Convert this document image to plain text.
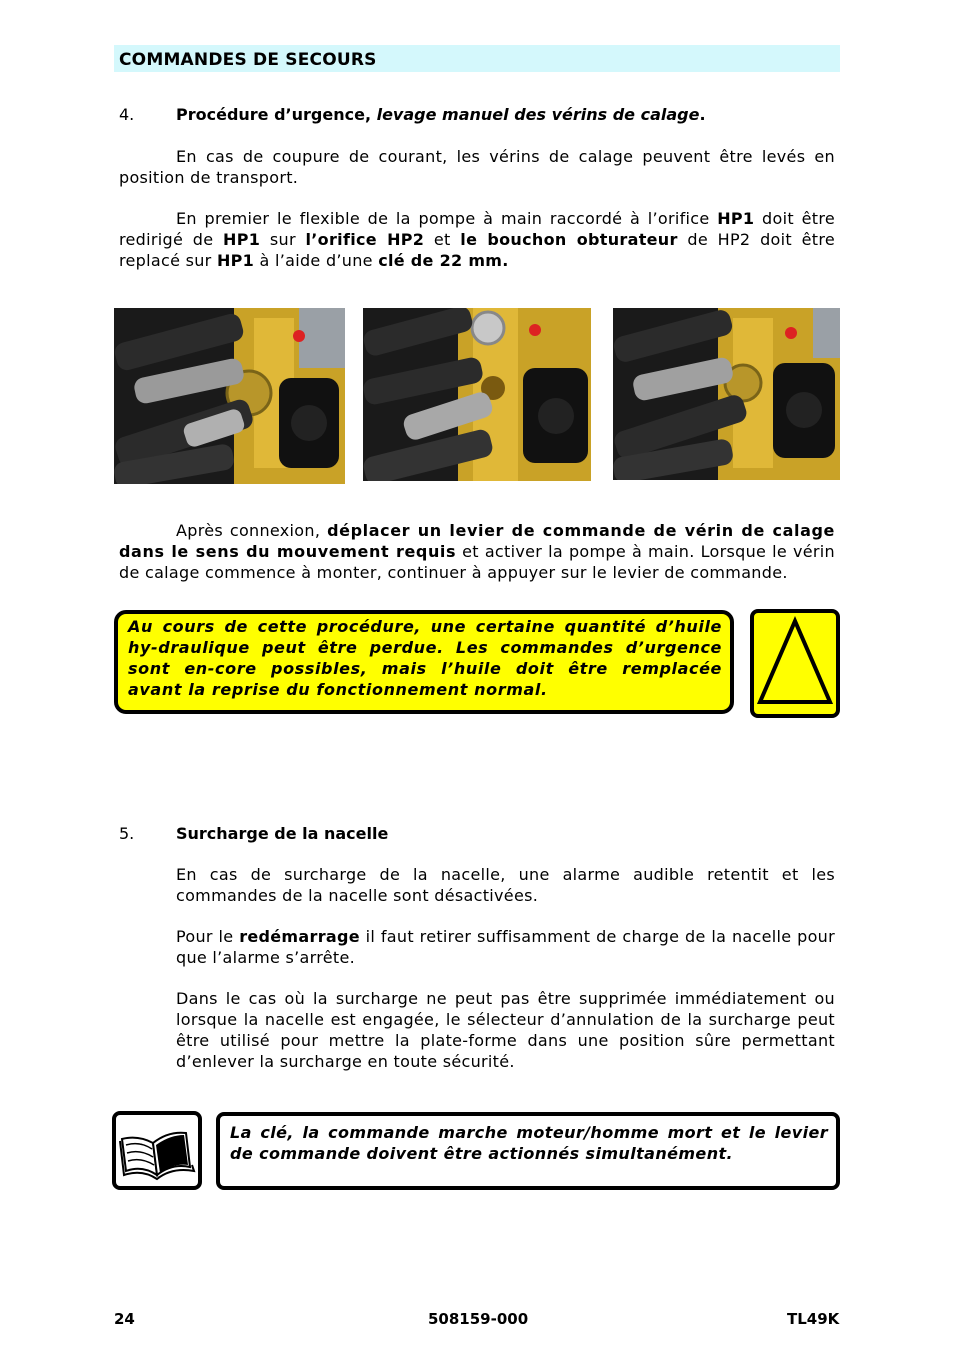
COMMANDES DE SECOURS
4.	Procédure d’urgence, levage manuel des vérins de calage.
En cas de coupure de courant, les vérins de calage peuvent être levés en position de transport.
En premier le flexible de la pompe à main raccordé à l’orifice HP1 doit être redirigé de HP1 sur l’orifice HP2 et le bouchon obturateur de HP2 doit être replacé sur HP1 à l’aide d’une clé de 22 mm.
Après connexion, déplacer un levier de commande de vérin de calage dans le sens du mouvement requis et activer la pompe à main. Lorsque le vérin de calage commence à monter, continuer à appuyer sur le levier de commande.
Au cours de cette procédure, une certaine quantité d’huile hy-draulique peut être perdue. Les commandes d’urgence sont en-core possibles, mais l’huile doit être remplacée avant la reprise du fonctionnement normal.
5.	Surcharge de la nacelle
En cas de surcharge de la nacelle, une alarme audible retentit et les commandes de la nacelle sont désactivées.
Pour le redémarrage il faut retirer suffisamment de charge de la nacelle pour que l’alarme s’arrête.
Dans le cas où la surcharge ne peut pas être supprimée immédiatement ou lorsque la nacelle est engagée, le sélecteur d’annulation de la surcharge peut être utilisé pour mettre la plate-forme dans une position sûre permettant d’enlever la surcharge en toute sécurité.
La clé, la commande marche moteur/homme mort et le levier de commande doivent être actionnés simultanément.
24	508159-000	TL49K
